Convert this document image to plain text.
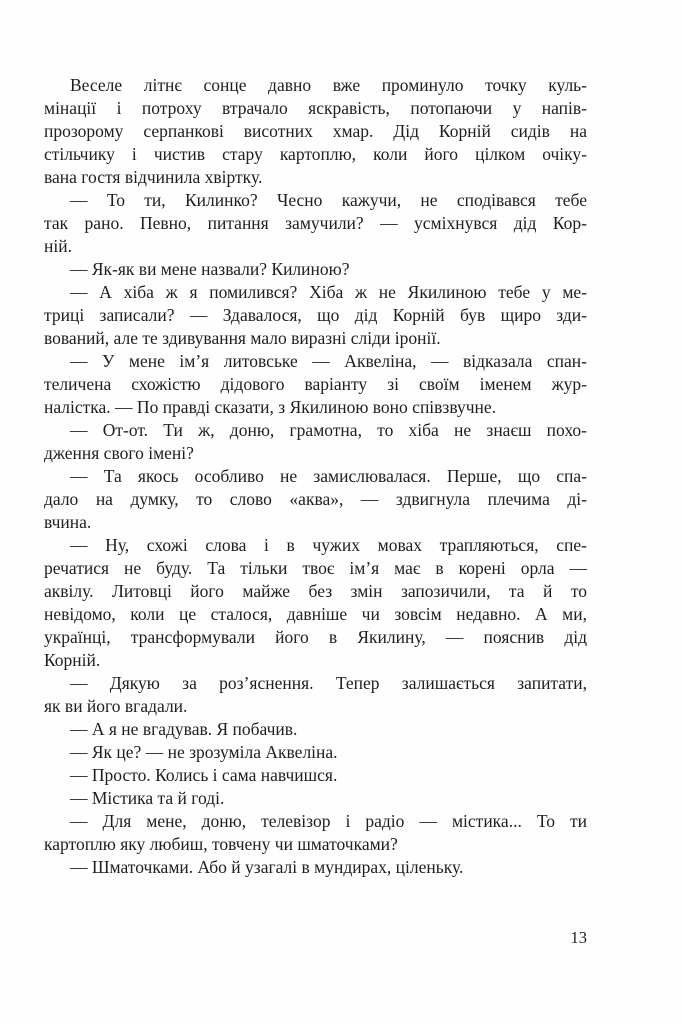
Веселе літнє сонце давно вже проминуло точку куль-
мінації і потроху втрачало яскравість, потопаючи у напів-
прозорому серпанкові висотних хмар. Дід Корній сидів на
стільчику і чистив стару картоплю, коли його цілком очіку-
вана гостя відчинила хвіртку.

— То ти, Килинко? Чесно кажучи, не сподівався тебе
так рано. Певно, питання замучили? — усміхнувся дід Кор-
ній.

— Як-як ви мене назвали? Килиною?

— А хіба ж я помилився? Хіба ж не Якилиною тебе у ме-
триці записали? — Здавалося, що дід Корній був щиро зди-
вований, але те здивування мало виразні сліди іронії.

— У мене імʼя литовське — Аквеліна, — відказала спан-
теличена схожістю дідового варіанту зі своїм іменем жур-
налістка. — По правді сказати, з Якилиною воно співзвучне.

— От-от. Ти ж, доню, грамотна, то хіба не знаєш похо-
дження свого імені?

— Та якось особливо не замислювалася. Перше, що спа-
дало на думку, то слово «аква», — здвигнула плечима ді-
вчина.

— Ну, схожі слова і в чужих мовах трапляються, спе-
речатися не буду. Та тільки твоє імʼя має в корені орла —
аквілу. Литовці його майже без змін запозичили, та й то
невідомо, коли це сталося, давніше чи зовсім недавно. А ми,
українці, трансформували його в Якилину, — пояснив дід
Корній.

— Дякую за розʼяснення. Тепер залишається запитати,
як ви його вгадали.

— А я не вгадував. Я побачив.

— Як це? — не зрозуміла Аквеліна.

— Просто. Колись і сама навчишся.

— Містика та й годі.

— Для мене, доню, телевізор і радіо — містика... То ти
картоплю яку любиш, товчену чи шматочками?

— Шматочками. Або й узагалі в мундирах, ціленьку.

13
